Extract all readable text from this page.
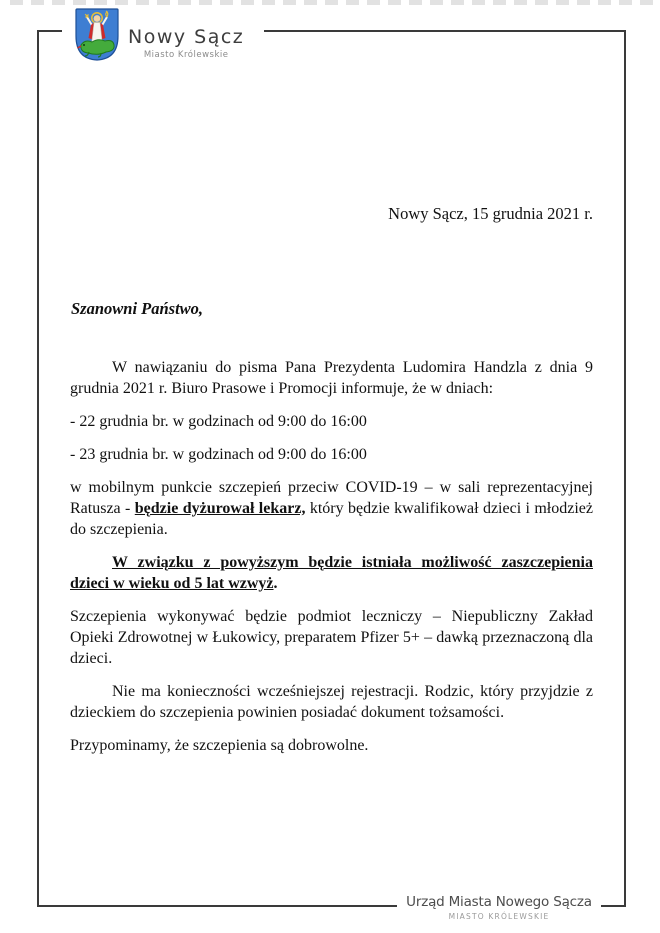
Nowy Sącz
Miasto Królewskie
Nowy Sącz, 15 grudnia 2021 r.
Szanowni Państwo,

W nawiązaniu do pisma Pana Prezydenta Ludomira Handzla z dnia 9 grudnia 2021 r. Biuro Prasowe i Promocji informuje, że w dniach:

- 22 grudnia br. w godzinach od 9:00 do 16:00

- 23 grudnia br. w godzinach od 9:00 do 16:00

w mobilnym punkcie szczepień przeciw COVID-19 – w sali reprezentacyjnej Ratusza - będzie dyżurował lekarz, który będzie kwalifikował dzieci i młodzież do szczepienia.

W związku z powyższym będzie istniała możliwość zaszczepienia dzieci w wieku od 5 lat wzwyż.

Szczepienia wykonywać będzie podmiot leczniczy – Niepubliczny Zakład Opieki Zdrowotnej w Łukowicy, preparatem Pfizer 5+ – dawką przeznaczoną dla dzieci.

Nie ma konieczności wcześniejszej rejestracji. Rodzic, który przyjdzie z dzieckiem do szczepienia powinien posiadać dokument tożsamości.

Przypominamy, że szczepienia są dobrowolne.

Urząd Miasta Nowego Sącza
MIASTO KRÓLEWSKIE
